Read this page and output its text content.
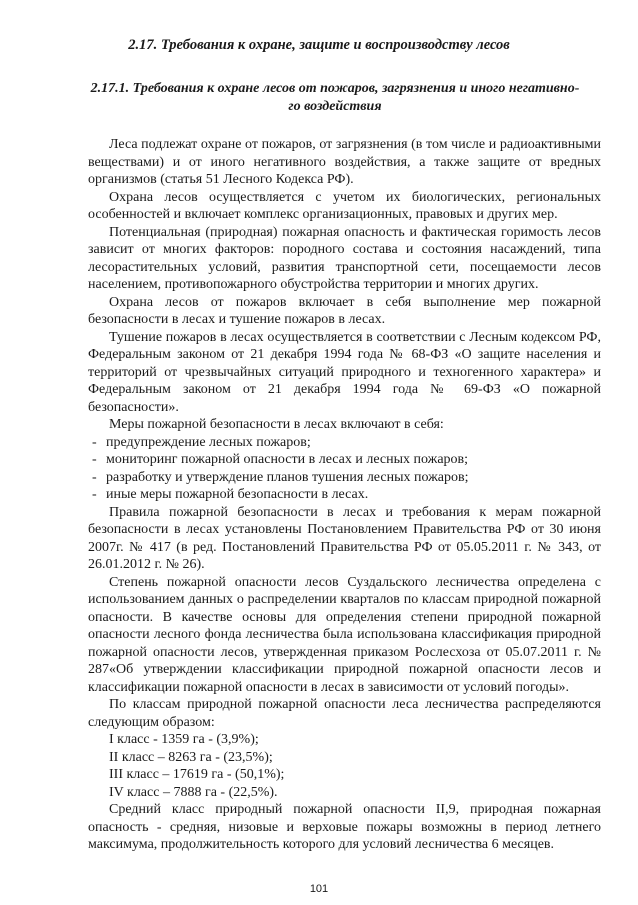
2.17. Требования к охране, защите и воспроизводству лесов
2.17.1. Требования к охране лесов от пожаров, загрязнения и иного негативно-
го воздействия

Леса подлежат охране от пожаров, от загрязнения (в том числе и радиоактивными веществами) и от иного негативного воздействия, а также защите от вредных организмов (статья 51 Лесного Кодекса РФ).

Охрана лесов осуществляется с учетом их биологических, региональных особенностей и включает комплекс организационных, правовых и других мер.

Потенциальная (природная) пожарная опасность и фактическая горимость лесов зависит от многих факторов: породного состава и состояния насаждений, типа лесорастительных условий, развития транспортной сети, посещаемости лесов населением, противопожарного обустройства территории и многих других.

Охрана лесов от пожаров включает в себя выполнение мер пожарной безопасности в лесах и тушение пожаров в лесах.

Тушение пожаров в лесах осуществляется в соответствии с Лесным кодексом РФ, Федеральным законом от 21 декабря 1994 года № 68-ФЗ «О защите населения и территорий от чрезвычайных ситуаций природного и техногенного характера» и Федеральным законом от 21 декабря 1994 года № 69-ФЗ «О пожарной безопасности».

Меры пожарной безопасности в лесах включают в себя:

- предупреждение лесных пожаров;

- мониторинг пожарной опасности в лесах и лесных пожаров;

- разработку и утверждение планов тушения лесных пожаров;

- иные меры пожарной безопасности в лесах.

Правила пожарной безопасности в лесах и требования к мерам пожарной безопасности в лесах установлены Постановлением Правительства РФ от 30 июня 2007г. № 417 (в ред. Постановлений Правительства РФ от 05.05.2011 г. № 343, от 26.01.2012 г. № 26).

Степень пожарной опасности лесов Суздальского лесничества определена с использованием данных о распределении кварталов по классам природной пожарной опасности. В качестве основы для определения степени природной пожарной опасности лесного фонда лесничества была использована классификация природной пожарной опасности лесов, утвержденная приказом Рослесхоза от 05.07.2011 г. № 287«Об утверждении классификации природной пожарной опасности лесов и классификации пожарной опасности в лесах в зависимости от условий погоды».

По классам природной пожарной опасности леса лесничества распределяются следующим образом:

I класс - 1359 га - (3,9%);

II класс – 8263 га - (23,5%);

III класс – 17619 га - (50,1%);

IV класс – 7888 га - (22,5%).

Средний класс природный пожарной опасности II,9, природная пожарная опасность - средняя, низовые и верховые пожары возможны в период летнего максимума, продолжительность которого для условий лесничества 6 месяцев.

101
